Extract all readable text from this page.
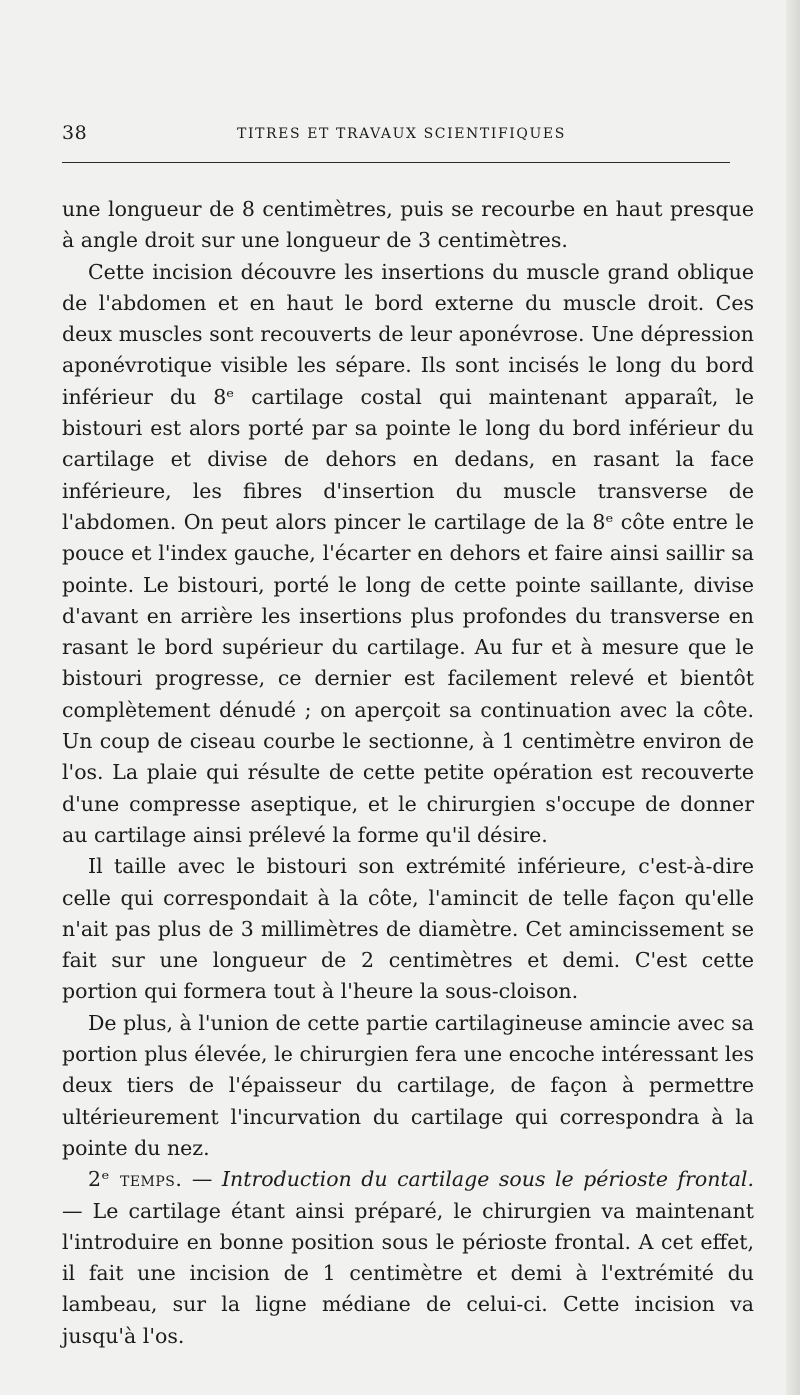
38	TITRES ET TRAVAUX SCIENTIFIQUES

une longueur de 8 centimètres, puis se recourbe en haut presque à angle droit sur une longueur de 3 centimètres.

Cette incision découvre les insertions du muscle grand oblique de l'abdomen et en haut le bord externe du muscle droit. Ces deux muscles sont recouverts de leur aponévrose. Une dépression aponévrotique visible les sépare. Ils sont incisés le long du bord inférieur du 8ᵉ cartilage costal qui maintenant apparaît, le bistouri est alors porté par sa pointe le long du bord inférieur du cartilage et divise de dehors en dedans, en rasant la face inférieure, les fibres d'insertion du muscle transverse de l'abdomen. On peut alors pincer le cartilage de la 8ᵉ côte entre le pouce et l'index gauche, l'écarter en dehors et faire ainsi saillir sa pointe. Le bistouri, porté le long de cette pointe saillante, divise d'avant en arrière les insertions plus profondes du transverse en rasant le bord supérieur du cartilage. Au fur et à mesure que le bistouri progresse, ce dernier est facilement relevé et bientôt complètement dénudé ; on aperçoit sa continuation avec la côte. Un coup de ciseau courbe le sectionne, à 1 centimètre environ de l'os. La plaie qui résulte de cette petite opération est recouverte d'une compresse aseptique, et le chirurgien s'occupe de donner au cartilage ainsi prélevé la forme qu'il désire.

Il taille avec le bistouri son extrémité inférieure, c'est-à-dire celle qui correspondait à la côte, l'amincit de telle façon qu'elle n'ait pas plus de 3 millimètres de diamètre. Cet amincissement se fait sur une longueur de 2 centimètres et demi. C'est cette portion qui formera tout à l'heure la sous-cloison.

De plus, à l'union de cette partie cartilagineuse amincie avec sa portion plus élevée, le chirurgien fera une encoche intéressant les deux tiers de l'épaisseur du cartilage, de façon à permettre ultérieurement l'incurvation du cartilage qui correspondra à la pointe du nez.

2ᵉ temps. — Introduction du cartilage sous le périoste frontal. — Le cartilage étant ainsi préparé, le chirurgien va maintenant l'introduire en bonne position sous le périoste frontal. A cet effet, il fait une incision de 1 centimètre et demi à l'extrémité du lambeau, sur la ligne médiane de celui-ci. Cette incision va jusqu'à l'os.
